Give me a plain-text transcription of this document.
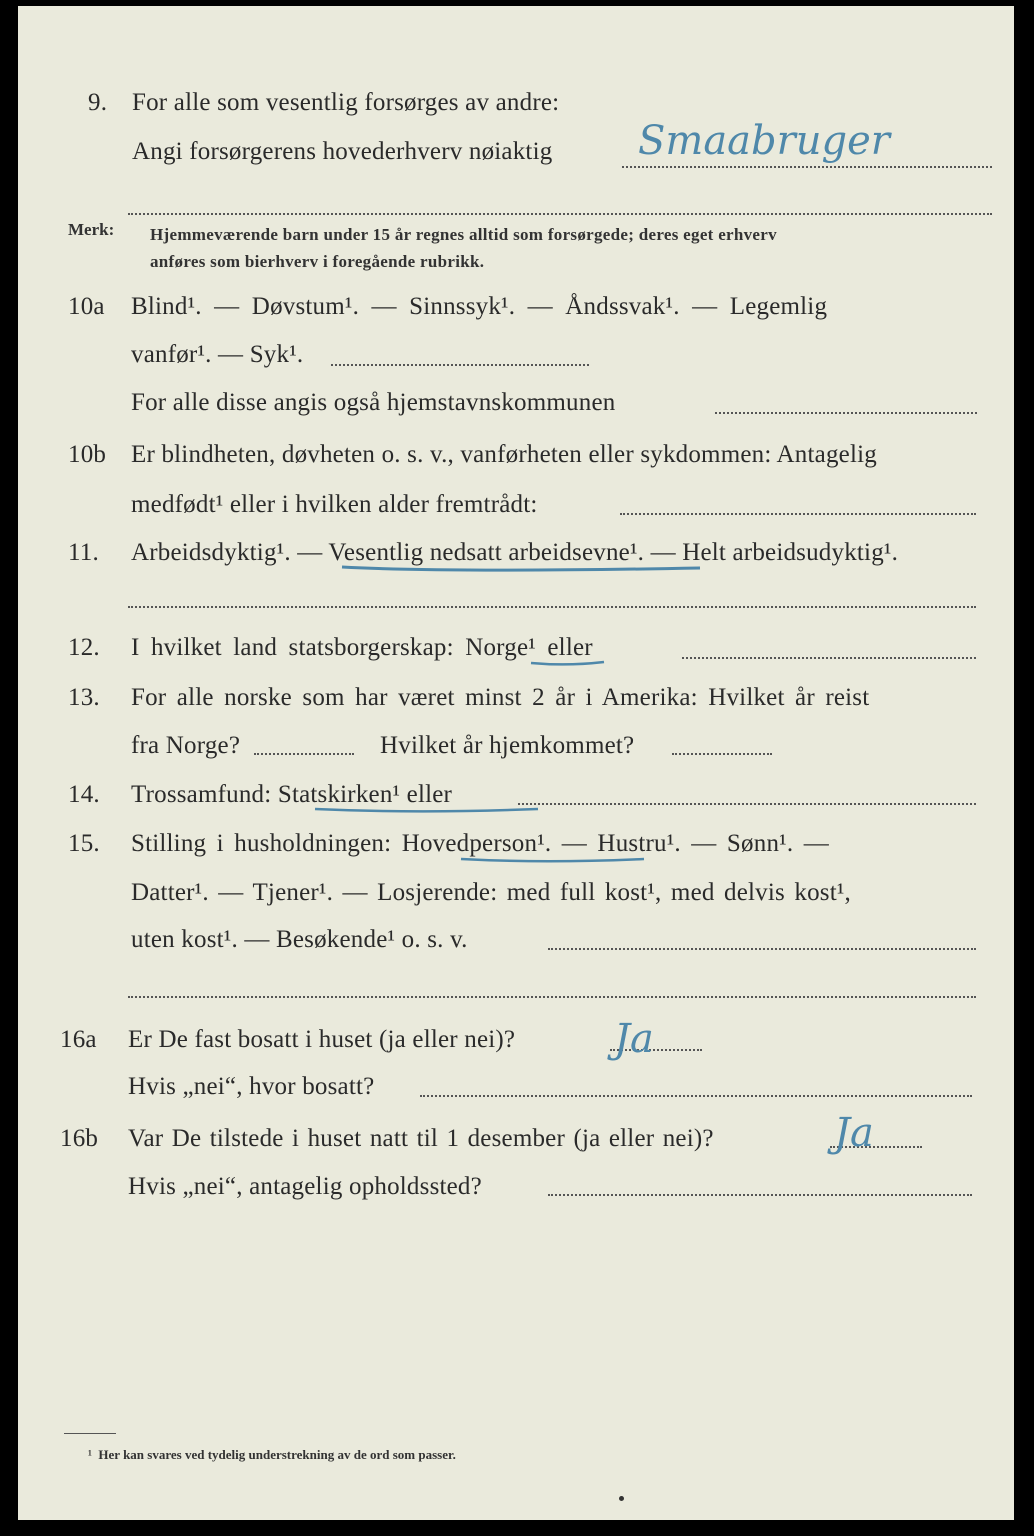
9. For alle som vesentlig forsørges av andre:
Angi forsørgerens hovederhverv nøiaktig Smaabruger
Merk: Hjemmeværende barn under 15 år regnes alltid som forsørgede; deres eget erhverv
anføres som bierhverv i foregående rubrikk.
10a Blind¹. — Døvstum¹. — Sinnssyk¹. — Åndssvak¹. — Legemlig
vanfør¹. — Syk¹.
For alle disse angis også hjemstavnskommunen
10b Er blindheten, døvheten o. s. v., vanførheten eller sykdommen: Antagelig
medfødt¹ eller i hvilken alder fremtrådt:
11. Arbeidsdyktig¹. — Vesentlig nedsatt arbeidsevne¹. — Helt arbeidsudyktig¹.
12. I hvilket land statsborgerskap: Norge¹ eller
13. For alle norske som har været minst 2 år i Amerika: Hvilket år reist
fra Norge?	Hvilket år hjemkommet?
14. Trossamfund: Statskirken¹ eller
15. Stilling i husholdningen: Hovedperson¹. — Hustru¹. — Sønn¹. —
Datter¹. — Tjener¹. — Losjerende: med full kost¹, med delvis kost¹,
uten kost¹. — Besøkende¹ o. s. v.
16a Er De fast bosatt i huset (ja eller nei)? Ja
Hvis „nei“, hvor bosatt?
16b Var De tilstede i huset natt til 1 desember (ja eller nei)?	Ja
Hvis „nei“, antagelig opholdssted?
¹ Her kan svares ved tydelig understrekning av de ord som passer.
